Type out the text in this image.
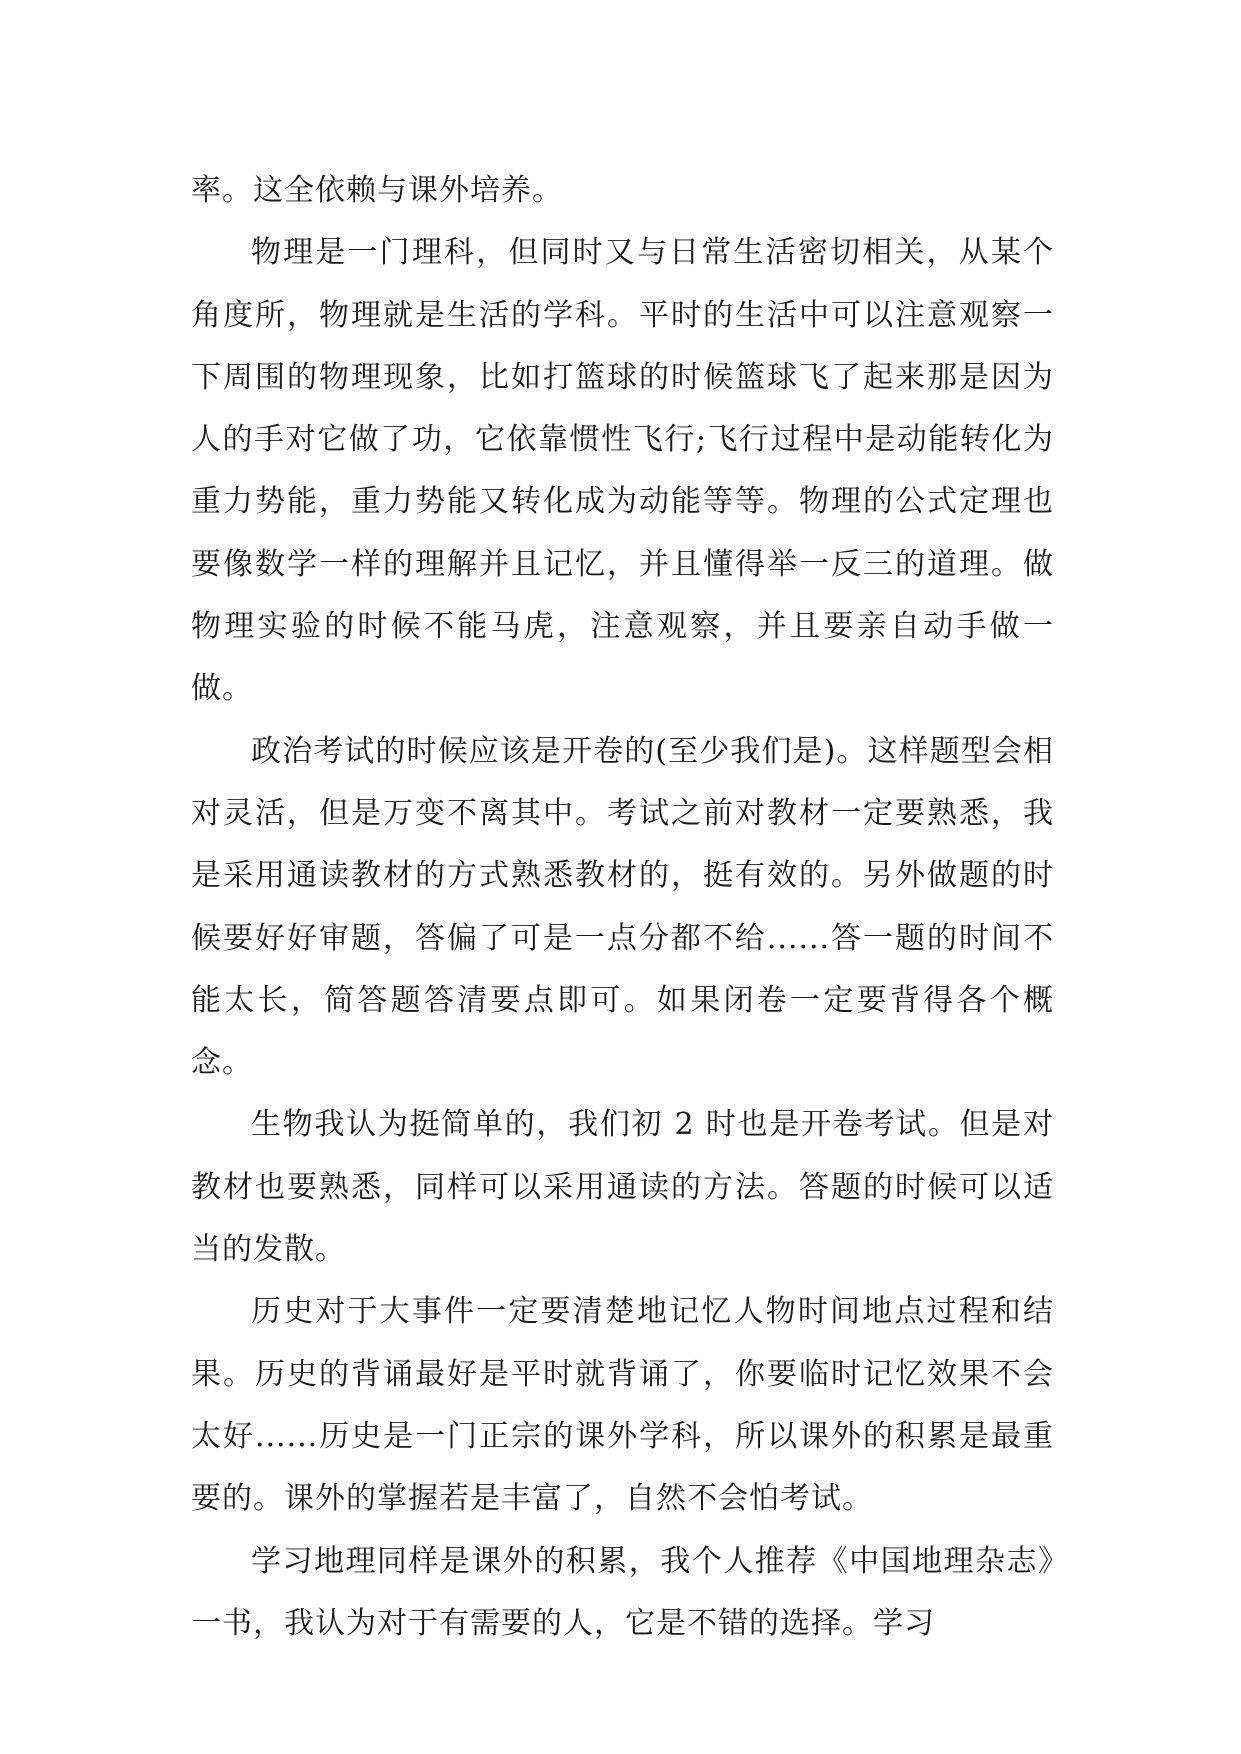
率。这全依赖与课外培养。

物理是一门理科，但同时又与日常生活密切相关，从某个角度所，物理就是生活的学科。平时的生活中可以注意观察一下周围的物理现象，比如打篮球的时候篮球飞了起来那是因为人的手对它做了功，它依靠惯性飞行;飞行过程中是动能转化为重力势能，重力势能又转化成为动能等等。物理的公式定理也要像数学一样的理解并且记忆，并且懂得举一反三的道理。做物理实验的时候不能马虎，注意观察，并且要亲自动手做一做。

政治考试的时候应该是开卷的(至少我们是)。这样题型会相对灵活，但是万变不离其中。考试之前对教材一定要熟悉，我是采用通读教材的方式熟悉教材的，挺有效的。另外做题的时候要好好审题，答偏了可是一点分都不给......答一题的时间不能太长，简答题答清要点即可。如果闭卷一定要背得各个概念。

生物我认为挺简单的，我们初 2 时也是开卷考试。但是对教材也要熟悉，同样可以采用通读的方法。答题的时候可以适当的发散。

历史对于大事件一定要清楚地记忆人物时间地点过程和结果。历史的背诵最好是平时就背诵了，你要临时记忆效果不会太好......历史是一门正宗的课外学科，所以课外的积累是最重要的。课外的掌握若是丰富了，自然不会怕考试。

学习地理同样是课外的积累，我个人推荐《中国地理杂志》一书，我认为对于有需要的人，它是不错的选择。学习
